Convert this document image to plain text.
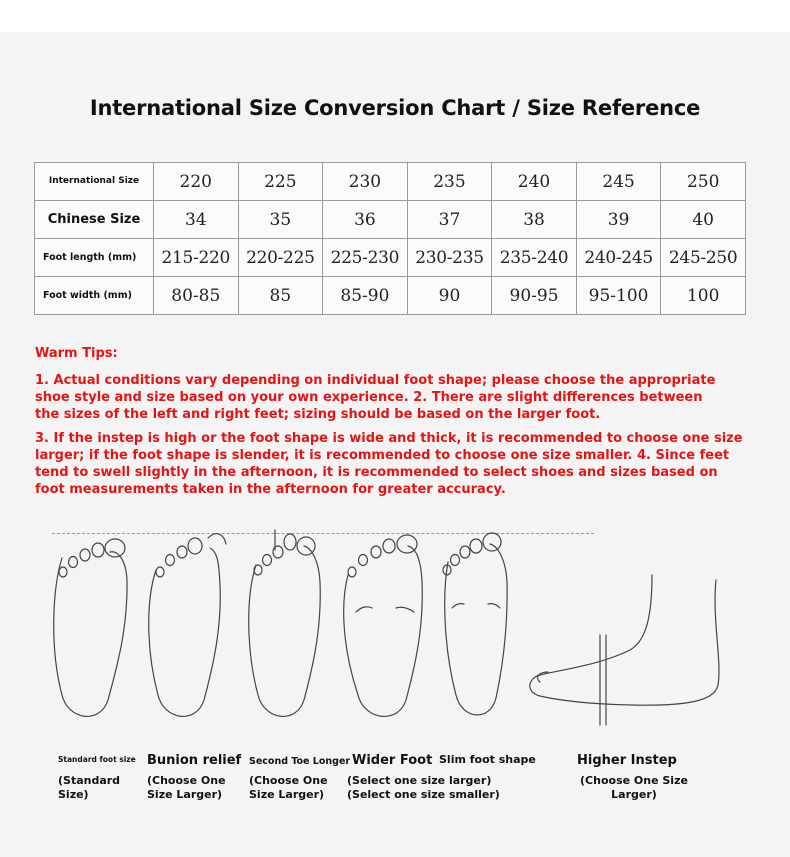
International Size Conversion Chart / Size Reference
International Size	220	225	230	235	240	245	250
Chinese Size	34	35	36	37	38	39	40
Foot length (mm)	215-220	220-225	225-230	230-235	235-240	240-245	245-250
Foot width (mm)	80-85	85	85-90	90	90-95	95-100	100
Warm Tips:
1. Actual conditions vary depending on individual foot shape; please choose the appropriate shoe style and size based on your own experience. 2. There are slight differences between the sizes of the left and right feet; sizing should be based on the larger foot.
3. If the instep is high or the foot shape is wide and thick, it is recommended to choose one size larger; if the foot shape is slender, it is recommended to choose one size smaller. 4. Since feet tend to swell slightly in the afternoon, it is recommended to select shoes and sizes based on foot measurements taken in the afternoon for greater accuracy.
Standard foot size
(Standard Size)
Bunion relief
(Choose One Size Larger)
Second Toe Longer
(Choose One Size Larger)
Wider Foot
(Select one size larger) (Select one size smaller)
Slim foot shape	Higher Instep
(Choose One Size Larger)
